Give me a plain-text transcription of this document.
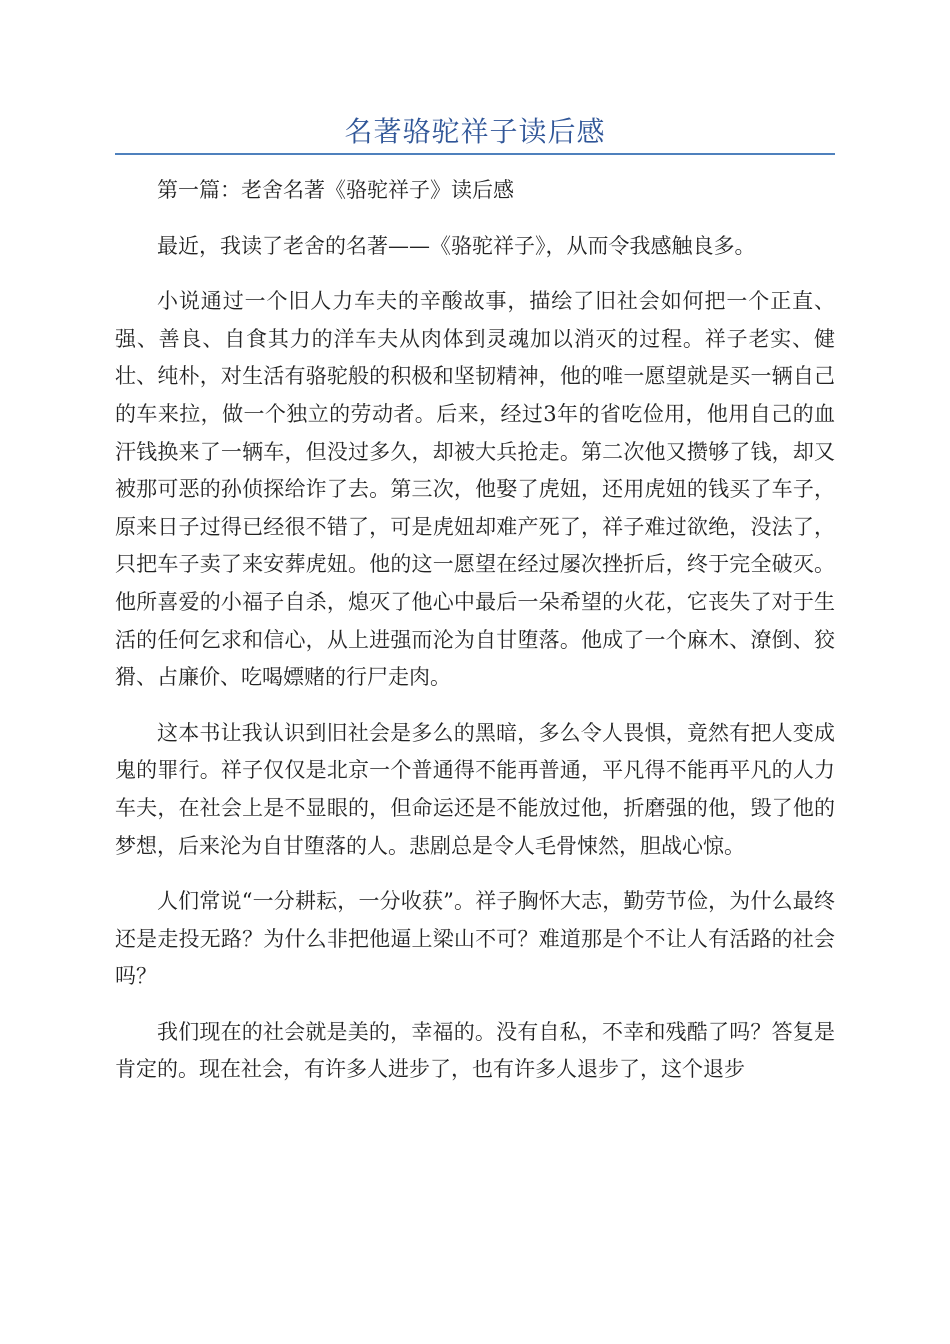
名著骆驼祥子读后感

第一篇：老舍名著《骆驼祥子》读后感

最近，我读了老舍的名著——《骆驼祥子》，从而令我感触良多。

小说通过一个旧人力车夫的辛酸故事，描绘了旧社会如何把一个正直、强、善良、自食其力的洋车夫从肉体到灵魂加以消灭的过程。祥子老实、健壮、纯朴，对生活有骆驼般的积极和坚韧精神，他的唯一愿望就是买一辆自己的车来拉，做一个独立的劳动者。后来，经过3年的省吃俭用，他用自己的血汗钱换来了一辆车，但没过多久，却被大兵抢走。第二次他又攒够了钱，却又被那可恶的孙侦探给诈了去。第三次，他娶了虎妞，还用虎妞的钱买了车子，原来日子过得已经很不错了，可是虎妞却难产死了，祥子难过欲绝，没法了，只把车子卖了来安葬虎妞。他的这一愿望在经过屡次挫折后，终于完全破灭。他所喜爱的小福子自杀，熄灭了他心中最后一朵希望的火花，它丧失了对于生活的任何乞求和信心，从上进强而沦为自甘堕落。他成了一个麻木、潦倒、狡猾、占廉价、吃喝嫖赌的行尸走肉。

这本书让我认识到旧社会是多么的黑暗，多么令人畏惧，竟然有把人变成鬼的罪行。祥子仅仅是北京一个普通得不能再普通，平凡得不能再平凡的人力车夫，在社会上是不显眼的，但命运还是不能放过他，折磨强的他，毁了他的梦想，后来沦为自甘堕落的人。悲剧总是令人毛骨悚然，胆战心惊。

人们常说“一分耕耘，一分收获”。祥子胸怀大志，勤劳节俭，为什么最终还是走投无路？为什么非把他逼上梁山不可？难道那是个不让人有活路的社会吗？

我们现在的社会就是美的，幸福的。没有自私，不幸和残酷了吗？答复是肯定的。现在社会，有许多人进步了，也有许多人退步了，这个退步
